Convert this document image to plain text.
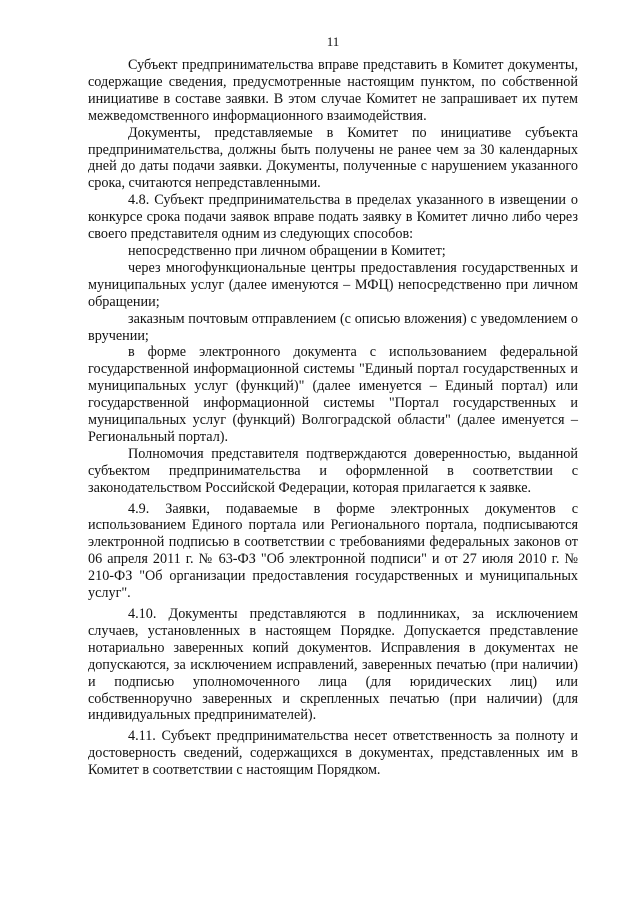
11

Субъект предпринимательства вправе представить в Комитет документы, содержащие сведения, предусмотренные настоящим пунктом, по собственной инициативе в составе заявки. В этом случае Комитет не запрашивает их путем межведомственного информационного взаимодействия.

Документы, представляемые в Комитет по инициативе субъекта предпринимательства, должны быть получены не ранее чем за 30 календарных дней до даты подачи заявки. Документы, полученные с нарушением указанного срока, считаются непредставленными.

4.8. Субъект предпринимательства в пределах указанного в извещении о конкурсе срока подачи заявок вправе подать заявку в Комитет лично либо через своего представителя одним из следующих способов:

непосредственно при личном обращении в Комитет;

через многофункциональные центры предоставления государственных и муниципальных услуг (далее именуются – МФЦ) непосредственно при личном обращении;

заказным почтовым отправлением (с описью вложения) с уведомлением о вручении;

в форме электронного документа с использованием федеральной государственной информационной системы "Единый портал государственных и муниципальных услуг (функций)" (далее именуется – Единый портал) или государственной информационной системы "Портал государственных и муниципальных услуг (функций) Волгоградской области" (далее именуется – Региональный портал).

Полномочия представителя подтверждаются доверенностью, выданной субъектом предпринимательства и оформленной в соответствии с законодательством Российской Федерации, которая прилагается к заявке.

4.9. Заявки, подаваемые в форме электронных документов с использованием Единого портала или Регионального портала, подписываются электронной подписью в соответствии с требованиями федеральных законов от 06 апреля 2011 г. № 63-ФЗ "Об электронной подписи" и от 27 июля 2010 г. № 210-ФЗ "Об организации предоставления государственных и муниципальных услуг".

4.10. Документы представляются в подлинниках, за исключением случаев, установленных в настоящем Порядке. Допускается представление нотариально заверенных копий документов. Исправления в документах не допускаются, за исключением исправлений, заверенных печатью (при наличии) и подписью уполномоченного лица (для юридических лиц) или собственноручно заверенных и скрепленных печатью (при наличии) (для индивидуальных предпринимателей).

4.11. Субъект предпринимательства несет ответственность за полноту и достоверность сведений, содержащихся в документах, представленных им в Комитет в соответствии с настоящим Порядком.
